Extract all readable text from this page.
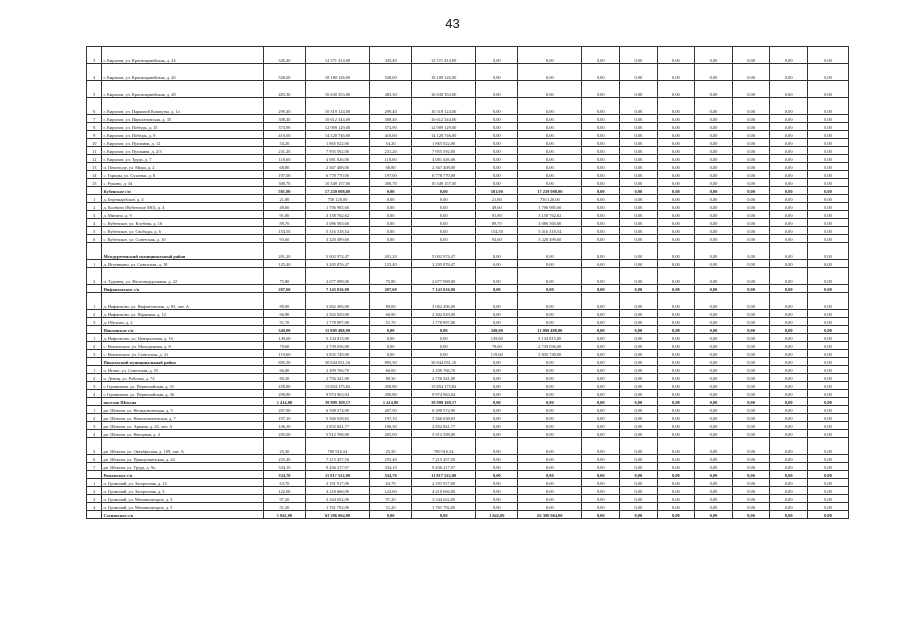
43
3	г. Кирилов, ул. Красноармейская, д. 24	345,40	12 571 414,00	345,40	12 571 414,00	0,00	0,00	0,00	0,00	0,00	0,00	0,00	0,00	0,00
4	г. Кирилов, ул. Красноармейская, д. 26	528,60	18 180 126,00	528,60	18 180 126,00	0,00	0,00	0,00	0,00	0,00	0,00	0,00	0,00	0,00
5	г. Кирилов, ул. Красноармейская, д. 28	483,30	16 630 353,00	483,30	16 630 353,00	0,00	0,00	0,00	0,00	0,00	0,00	0,00	0,00	0,00
6	г. Кирилов, ул. Парковой Коммуны, д. 1а	299,40	10 319 124,00	299,40	10 319 124,00	0,00	0,00	0,00	0,00	0,00	0,00	0,00	0,00	0,00
7	г. Кирилов, ул. Пирогановская, д. 35	308,40	10 612 344,00	308,40	10 612 344,00	0,00	0,00	0,00	0,00	0,00	0,00	0,00	0,00	0,00
8	г. Кирилов, ул. Победы, д. 15	374,90	12 909 129,00	374,90	12 909 129,00	0,00	0,00	0,00	0,00	0,00	0,00	0,00	0,00	0,00
9	г. Кирилов, ул. Победы, д. 9	410,60	14 128 746,00	410,60	14 128 746,00	0,00	0,00	0,00	0,00	0,00	0,00	0,00	0,00	0,00
10	г. Кирилов, ул. Пушкина, д. 12	54,20	1 865 022,00	54,20	1 865 022,00	0,00	0,00	0,00	0,00	0,00	0,00	0,00	0,00	0,00
11	г. Кирилов, ул. Пушкина, д. 2/3	231,20	7 955 592,00	231,20	7 955 592,00	0,00	0,00	0,00	0,00	0,00	0,00	0,00	0,00	0,00
12	г. Кирилов, ул. Труда, д. 7	118,60	4 081 026,00	118,60	4 081 026,00	0,00	0,00	0,00	0,00	0,00	0,00	0,00	0,00	0,00
13	п. Пешеходе, ул. Мира, д. 2	68,80	2 367 408,00	68,80	2 367 408,00	0,00	0,00	0,00	0,00	0,00	0,00	0,00	0,00	0,00
14	с. Горицы, ул. Суханки, д. 8	197,00	6 778 770,00	197,00	6 778 770,00	0,00	0,00	0,00	0,00	0,00	0,00	0,00	0,00	0,00
15	с. Рукино, д. 34	300,70	10 349 157,00	300,70	10 349 157,00	0,00	0,00	0,00	0,00	0,00	0,00	0,00	0,00	0,00
	Кубенское с/п	501,00	17 239 008,00	0,00	0,00	501,00	17 239 008,00	0,00	0,00	0,00	0,00	0,00	0,00	0,00
1	д. Березкарбское, д. 4	21,80	750 120,00	0,00	0,00	21,80	750 120,00	0,00	0,00	0,00	0,00	0,00	0,00	0,00
2	д. Колбино (Кубенское МО), д. 4	49,60	1 706 985,60	0,00	0,00	49,60	1 706 985,60	0,00	0,00	0,00	0,00	0,00	0,00	0,00
3	д. Мигино, д. 9	91,80	3 158 762,62	0,00	0,00	91,80	3 158 762,62	0,00	0,00	0,00	0,00	0,00	0,00	0,00
4	с. Кубенское, ул. Клубова, д. 16	89,70	3 086 565,60	0,00	0,00	89,70	3 086 565,60	0,00	0,00	0,00	0,00	0,00	0,00	0,00
5	с. Кубенское, ул. Свободы, д. 6	154,50	5 316 318,54	0,00	0,00	154,50	5 316 318,54	0,00	0,00	0,00	0,00	0,00	0,00	0,00
6	с. Кубенское, ул. Советская, д. 10	93,60	3 220 499,60	0,00	0,00	93,60	3 220 499,60	0,00	0,00	0,00	0,00	0,00	0,00	0,00
	Междуреченский муниципальный район	201,20	5 002 974,47	201,20	5 002 974,47	0,00	0,00	0,00	0,00	0,00	0,00	0,00	0,00	0,00
1	д. Игумнцево, ул. Советская, д. 18	125,40	3 295 876,47	125,40	3 295 876,47	0,00	0,00	0,00	0,00	0,00	0,00	0,00	0,00	0,00
2	п. Туровец, ул. Железнодорожная, д. 22	75,80	2 677 098,00	75,80	2 677 098,00	0,00	0,00	0,00	0,00	0,00	0,00	0,00	0,00	0,00
	Нифантовское с/п	207,60	7 143 016,00	207,60	7 143 016,00	0,00	0,00	0,00	0,00	0,00	0,00	0,00	0,00	0,00
1	д. Нифантово, ул. Нифантовская, д. 83, лит. А	89,00	3 062 496,00	89,00	3 062 496,00	0,00	0,00	0,00	0,00	0,00	0,00	0,00	0,00	0,00
2	д. Нифантово, ул. Парковая, д. 12	66,90	2 302 029,00	66,90	2 302 029,00	0,00	0,00	0,00	0,00	0,00	0,00	0,00	0,00	0,00
3	д. Обухово, д. 2	51,70	1 778 897,00	51,70	1 778 897,00	0,00	0,00	0,00	0,00	0,00	0,00	0,00	0,00	0,00
	Новленское с/п	349,00	11 009 498,00	0,00	0,00	349,00	11 009 498,00	0,00	0,00	0,00	0,00	0,00	0,00	0,00
1	д. Нифонтово, ул. Центральная, д. 16	149,60	5 134 815,00	0,00	0,00	149,60	5 134 815,00	0,00	0,00	0,00	0,00	0,00	0,00	0,00
2	с. Новленское, ул. Молодежная, д. 8	79,60	2 739 036,00	0,00	0,00	79,60	2 739 036,00	0,00	0,00	0,00	0,00	0,00	0,00	0,00
3	с. Новленское, ул. Советская, д. 31	119,60	3 835 749,00	0,00	0,00	119,60	3 835 749,00	0,00	0,00	0,00	0,00	0,00	0,00	0,00
	Никольский муниципальный район	895,50	30 844 031,16	895,50	30 844 031,16	0,00	0,00	0,00	0,00	0,00	0,00	0,00	0,00	0,00
1	п. Игмас, ул. Советская, д. 55	66,00	2 299 766,70	66,00	2 299 766,70	0,00	0,00	0,00	0,00	0,00	0,00	0,00	0,00	0,00
2	п. Дениц, ул. Рабочая, д. 74	80,30	2 756 341,00	80,30	2 756 341,00	0,00	0,00	0,00	0,00	0,00	0,00	0,00	0,00	0,00
3	г. Горинишев, ул. Первомайская, д. 31	458,80	15 854 175,82	458,80	15 854 175,82	0,00	0,00	0,00	0,00	0,00	0,00	0,00	0,00	0,00
4	г. Горинишев, ул. Первомайская, д. 36	290,80	9 974 963,04	290,80	9 974 963,04	0,00	0,00	0,00	0,00	0,00	0,00	0,00	0,00	0,00
	поселок Шексна	1 414,80	39 999 169,17	1 414,80	39 999 169,17	0,00	0,00	0,00	0,00	0,00	0,00	0,00	0,00	0,00
1	рп. Шексна, ул. Нелидовсенская, д. 5	207,90	6 398 574,90	207,90	6 398 574,90	0,00	0,00	0,00	0,00	0,00	0,00	0,00	0,00	0,00
2	рп. Шексна, ул. Новоломоненская, д. 7	197,10	5 366 638,65	197,10	5 366 638,65	0,00	0,00	0,00	0,00	0,00	0,00	0,00	0,00	0,00
3	рп. Шексна, ул. Армана, д. 25, лит. А	106,30	2 852 841,77	106,30	2 852 841,77	0,00	0,00	0,00	0,00	0,00	0,00	0,00	0,00	0,00
4	рп. Шексна, ул. Нагорная, д. 4	205,00	5 912 598,00	205,00	5 912 598,00	0,00	0,00	0,00	0,00	0,00	0,00	0,00	0,00	0,00
5	рп. Шексна, ул. Октябрьская, д. 109, лит. А	25,30	700 916,54	25,30	700 916,54	0,00	0,00	0,00	0,00	0,00	0,00	0,00	0,00	0,00
6	рп. Шексна, ул. Прищепкинская, д. 24	255,40	7 215 457,50	255,40	7 215 457,50	0,00	0,00	0,00	0,00	0,00	0,00	0,00	0,00	0,00
7	рп. Шексна, ул. Труда, д. 9а	334,10	9 436 217,97	334,10	9 436 217,97	0,00	0,00	0,00	0,00	0,00	0,00	0,00	0,00	0,00
	Рижмоское с/п	334,70	11 817 522,00	334,70	11 817 522,00	0,00	0,00	0,00	0,00	0,00	0,00	0,00	0,00	0,00
1	п. Громочий, ул. Заторелная, д. 14	63,70	2 191 917,00	63,70	2 191 917,00	0,00	0,00	0,00	0,00	0,00	0,00	0,00	0,00	0,00
2	п. Громочий, ул. Заторелная, д. 3	122,60	4 218 666,00	122,60	4 218 666,00	0,00	0,00	0,00	0,00	0,00	0,00	0,00	0,00	0,00
3	п. Громочий, ул. Механизаторов, д. 3	97,20	3 344 652,00	97,20	3 344 652,00	0,00	0,00	0,00	0,00	0,00	0,00	0,00	0,00	0,00
4	п. Громочий, ул. Механизаторов, д. 5	51,20	1 761 792,00	51,20	1 761 792,00	0,00	0,00	0,00	0,00	0,00	0,00	0,00	0,00	0,00
	Сосновское с/п	1 842,00	63 386 064,00	0,00	0,00	1 842,00	63 386 064,00	0,00	0,00	0,00	0,00	0,00	0,00	0,00
